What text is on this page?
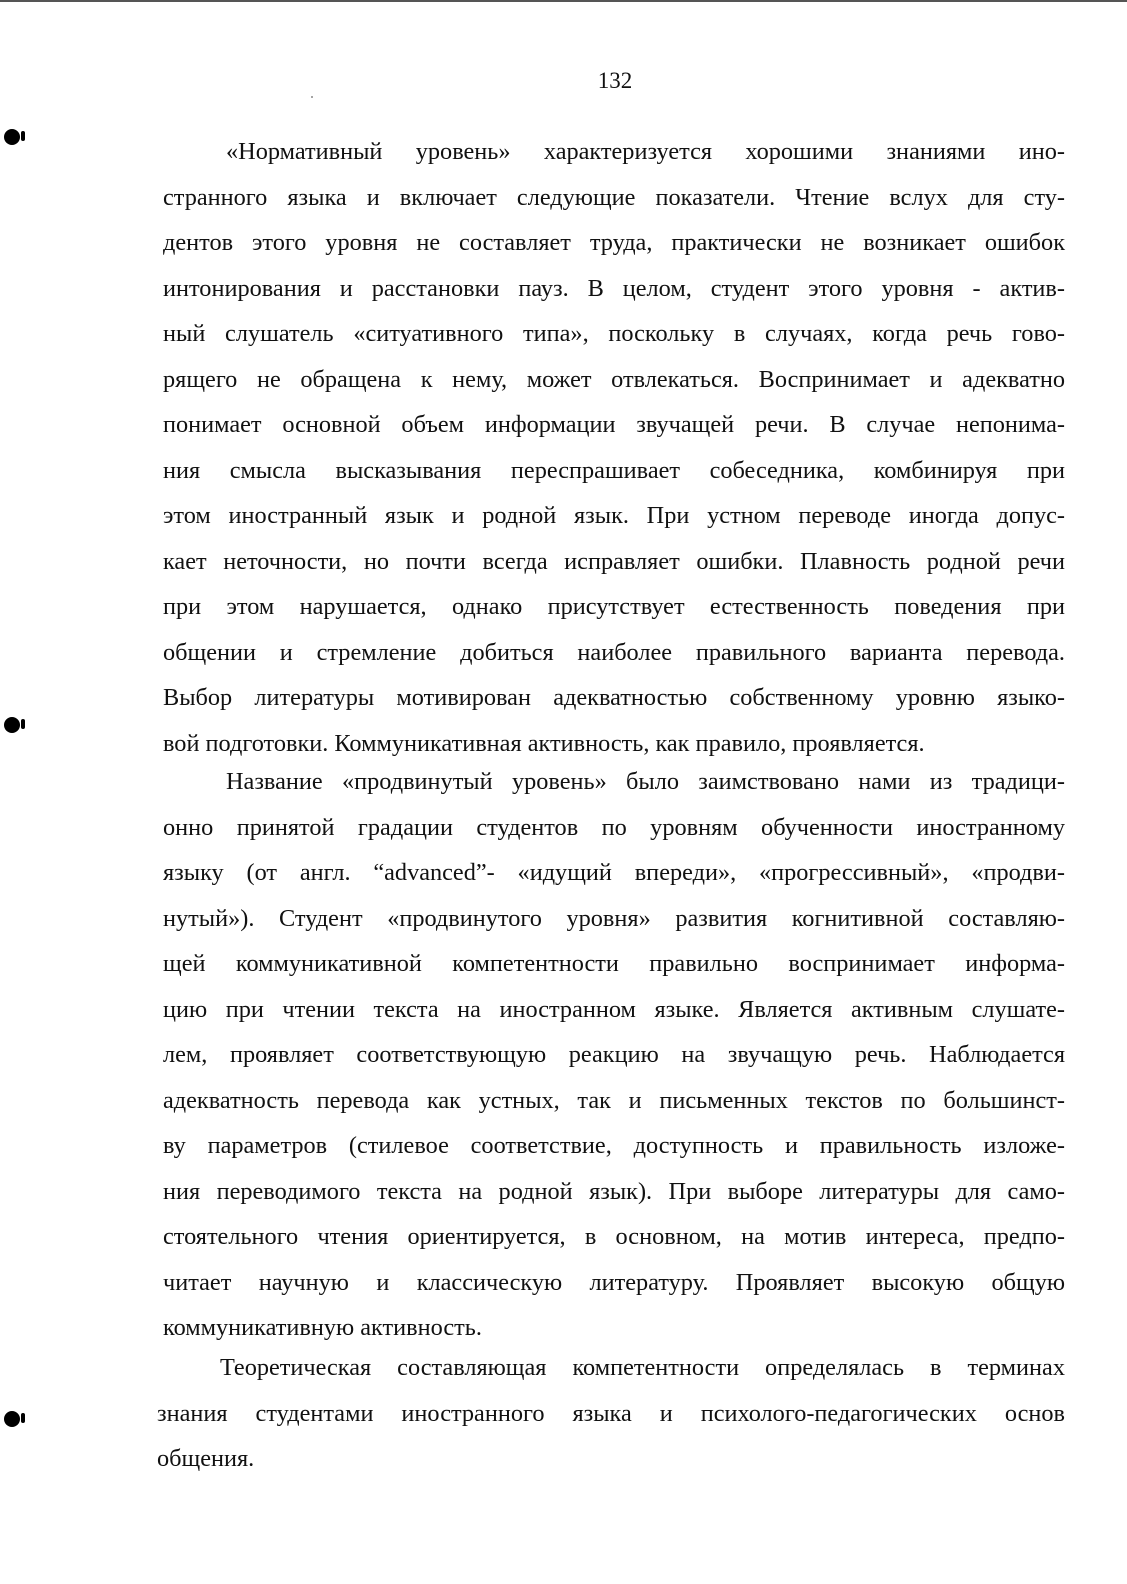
132
«Нормативный уровень» характеризуется хорошими знаниями ино-
странного языка и включает следующие показатели. Чтение вслух для сту-
дентов этого уровня не составляет труда, практически не возникает ошибок
интонирования и расстановки пауз. В целом, студент этого уровня - актив-
ный слушатель «ситуативного типа», поскольку в случаях, когда речь гово-
рящего не обращена к нему, может отвлекаться. Воспринимает и адекватно
понимает основной объем информации звучащей речи. В случае непонима-
ния смысла высказывания переспрашивает собеседника, комбинируя при
этом иностранный язык и родной язык. При устном переводе иногда допус-
кает неточности, но почти всегда исправляет ошибки. Плавность родной речи
при этом нарушается, однако присутствует естественность поведения при
общении и стремление добиться наиболее правильного варианта перевода.
Выбор литературы мотивирован адекватностью собственному уровню языко-
вой подготовки. Коммуникативная активность, как правило, проявляется.
Название «продвинутый уровень» было заимствовано нами из традици-
онно принятой градации студентов по уровням обученности иностранному
языку (от англ. “advanced”- «идущий впереди», «прогрессивный», «продви-
нутый»). Студент «продвинутого уровня» развития когнитивной составляю-
щей коммуникативной компетентности правильно воспринимает информа-
цию при чтении текста на иностранном языке. Является активным слушате-
лем, проявляет соответствующую реакцию на звучащую речь. Наблюдается
адекватность перевода как устных, так и письменных текстов по большинст-
ву параметров (стилевое соответствие, доступность и правильность изложе-
ния переводимого текста на родной язык). При выборе литературы для само-
стоятельного чтения ориентируется, в основном, на мотив интереса, предпо-
читает научную и классическую литературу. Проявляет высокую общую
коммуникативную активность.
Теоретическая составляющая компетентности определялась в терминах
знания студентами иностранного языка и психолого-педагогических основ
общения.
